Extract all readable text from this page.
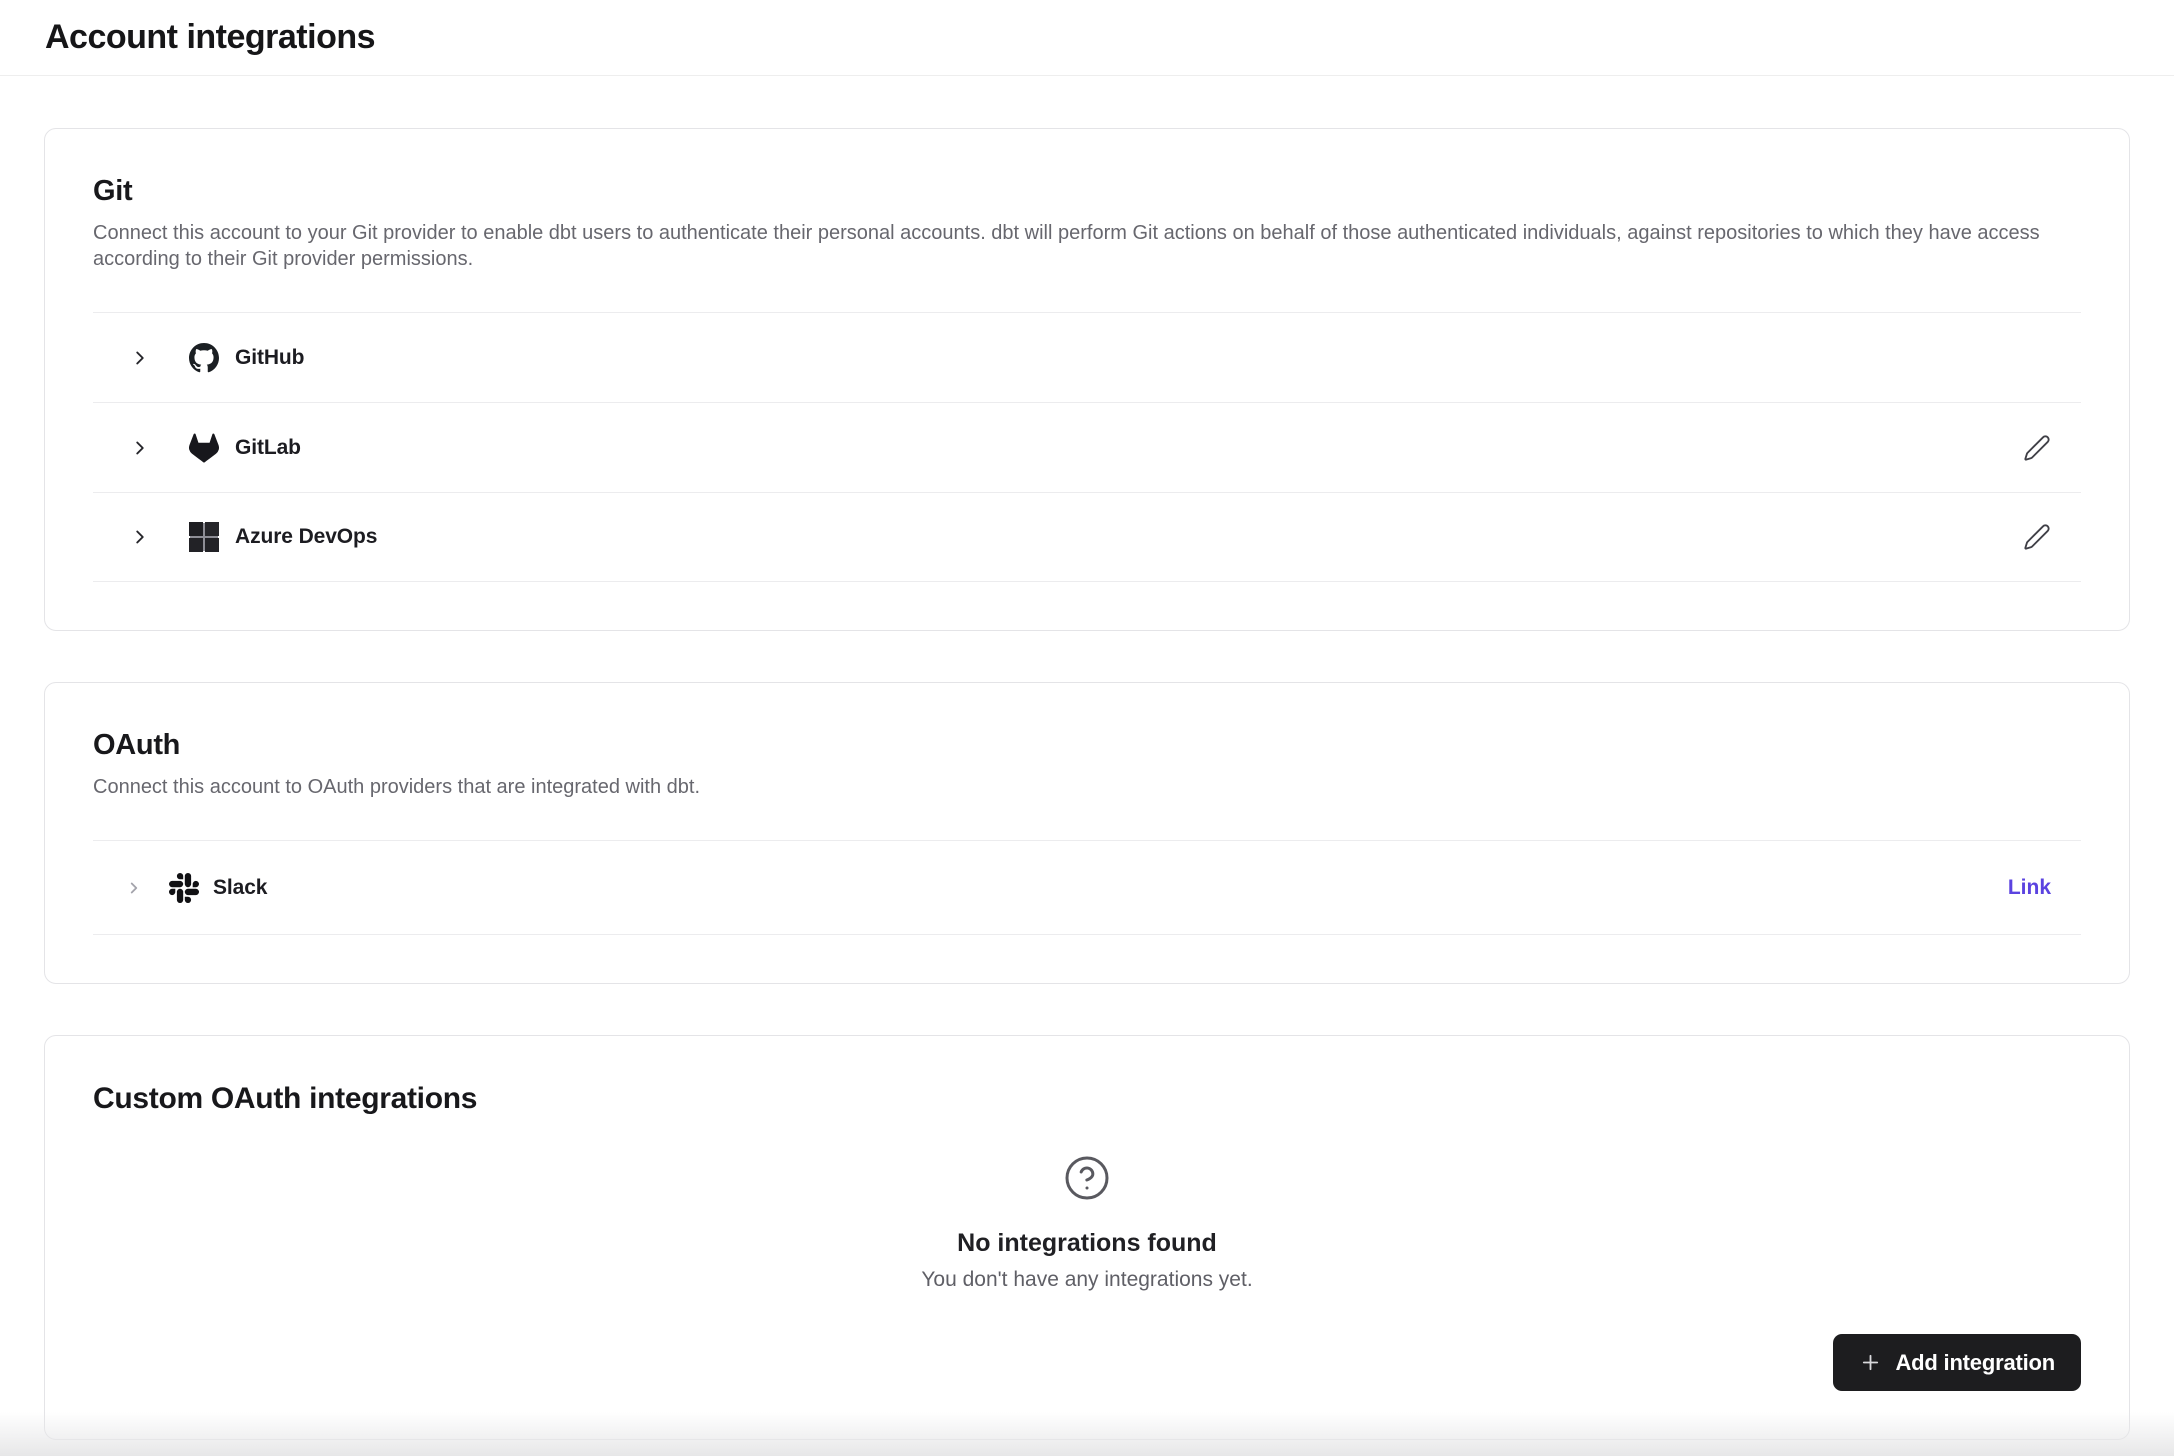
Account integrations
Git

Connect this account to your Git provider to enable dbt users to authenticate their personal accounts. dbt will perform Git actions on behalf of those authenticated individuals, against repositories to which they have access according to their Git provider permissions.

GitHub
GitLab
Azure DevOps
OAuth

Connect this account to OAuth providers that are integrated with dbt.

Slack	Link
Custom OAuth integrations
No integrations found

You don't have any integrations yet.

Add integration
